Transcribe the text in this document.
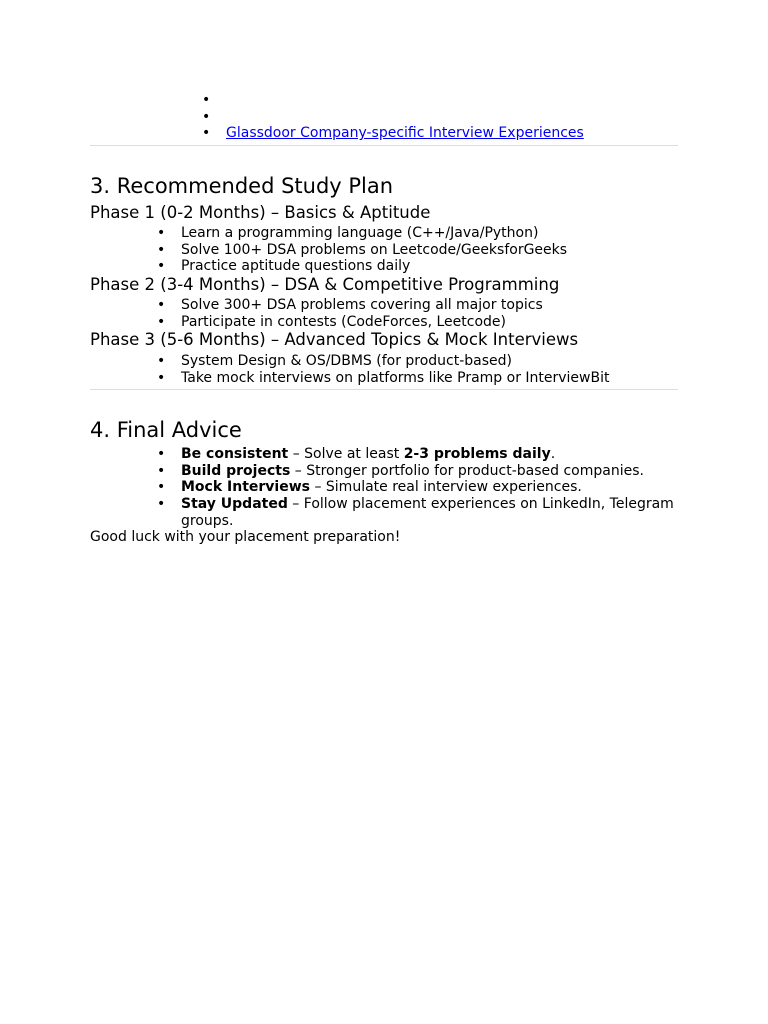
•
•
• Glassdoor Company-specific Interview Experiences
3. Recommended Study Plan
Phase 1 (0-2 Months) – Basics & Aptitude
• Learn a programming language (C++/Java/Python)
• Solve 100+ DSA problems on Leetcode/GeeksforGeeks
• Practice aptitude questions daily
Phase 2 (3-4 Months) – DSA & Competitive Programming
• Solve 300+ DSA problems covering all major topics
• Participate in contests (CodeForces, Leetcode)
Phase 3 (5-6 Months) – Advanced Topics & Mock Interviews
• System Design & OS/DBMS (for product-based)
• Take mock interviews on platforms like Pramp or InterviewBit
4. Final Advice
• Be consistent – Solve at least 2-3 problems daily.
• Build projects – Stronger portfolio for product-based companies.
• Mock Interviews – Simulate real interview experiences.
• Stay Updated – Follow placement experiences on LinkedIn, Telegram groups.
Good luck with your placement preparation!
